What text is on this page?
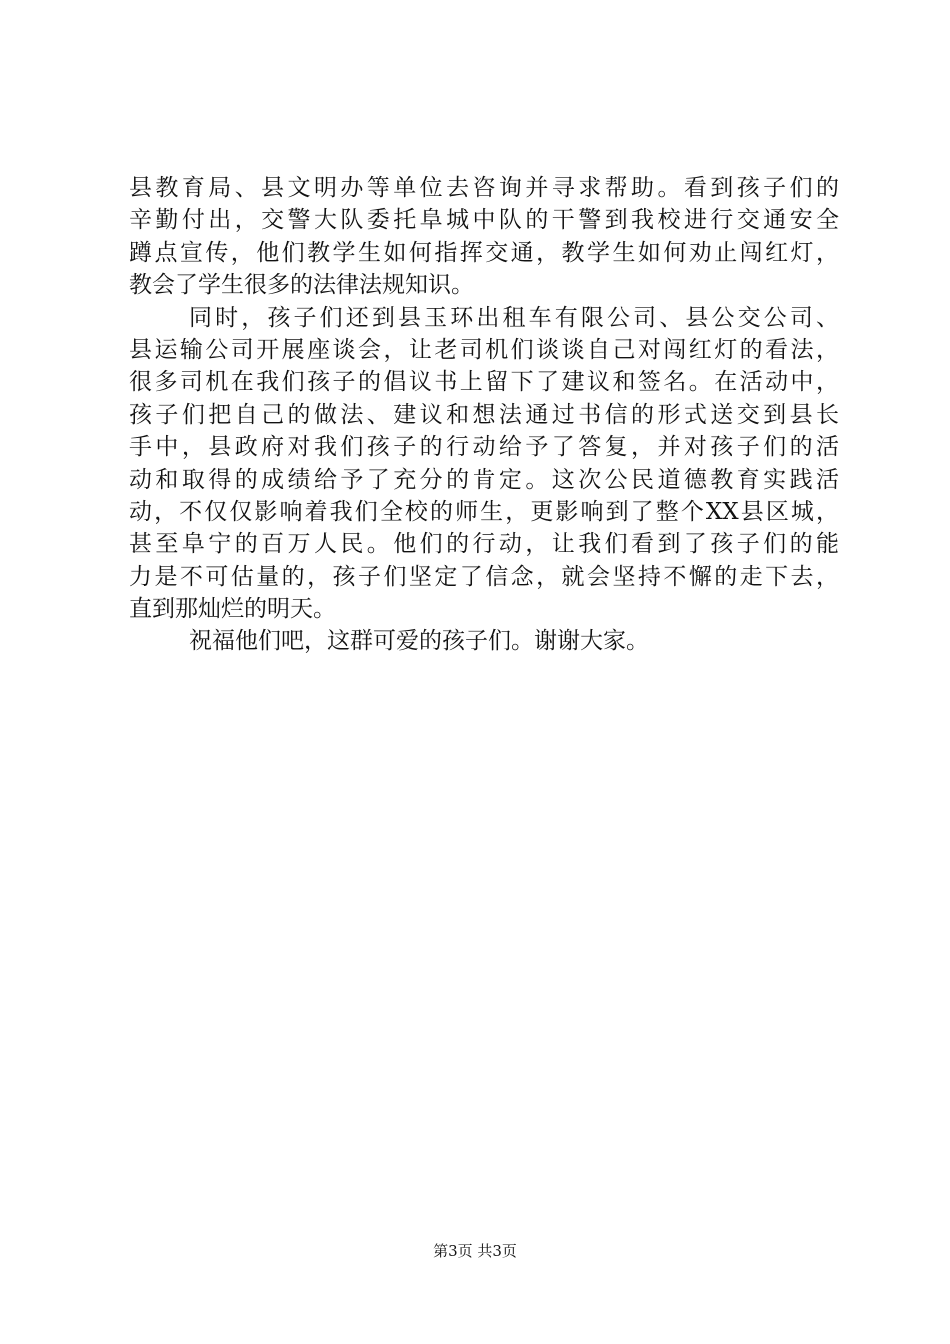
县教育局、县文明办等单位去咨询并寻求帮助。看到孩子们的
辛勤付出，交警大队委托阜城中队的干警到我校进行交通安全
蹲点宣传，他们教学生如何指挥交通，教学生如何劝止闯红灯，
教会了学生很多的法律法规知识。
同时，孩子们还到县玉环出租车有限公司、县公交公司、
县运输公司开展座谈会，让老司机们谈谈自己对闯红灯的看法，
很多司机在我们孩子的倡议书上留下了建议和签名。在活动中，
孩子们把自己的做法、建议和想法通过书信的形式送交到县长
手中，县政府对我们孩子的行动给予了答复，并对孩子们的活
动和取得的成绩给予了充分的肯定。这次公民道德教育实践活
动，不仅仅影响着我们全校的师生，更影响到了整个XX县区城，
甚至阜宁的百万人民。他们的行动，让我们看到了孩子们的能
力是不可估量的，孩子们坚定了信念，就会坚持不懈的走下去，
直到那灿烂的明天。
祝福他们吧，这群可爱的孩子们。谢谢大家。
第3页 共3页
